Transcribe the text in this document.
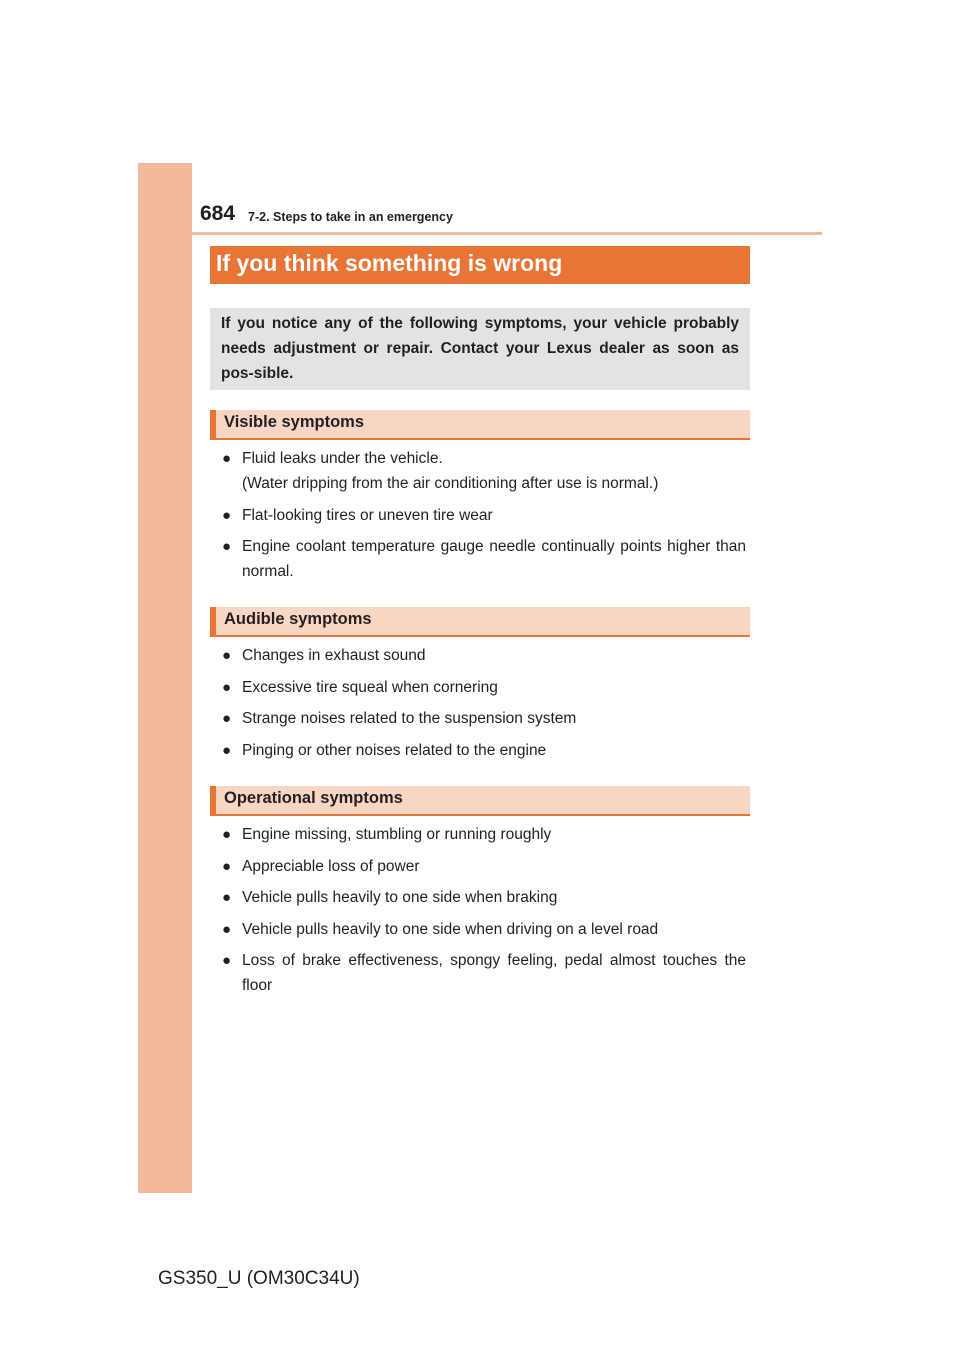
684 7-2. Steps to take in an emergency
If you think something is wrong
If you notice any of the following symptoms, your vehicle probably needs adjustment or repair. Contact your Lexus dealer as soon as pos-sible.
Visible symptoms
● Fluid leaks under the vehicle.
(Water dripping from the air conditioning after use is normal.)
● Flat-looking tires or uneven tire wear
● Engine coolant temperature gauge needle continually points higher than normal.
Audible symptoms
● Changes in exhaust sound
● Excessive tire squeal when cornering
● Strange noises related to the suspension system
● Pinging or other noises related to the engine
Operational symptoms
● Engine missing, stumbling or running roughly
● Appreciable loss of power
● Vehicle pulls heavily to one side when braking
● Vehicle pulls heavily to one side when driving on a level road
● Loss of brake effectiveness, spongy feeling, pedal almost touches the floor
GS350_U (OM30C34U)
